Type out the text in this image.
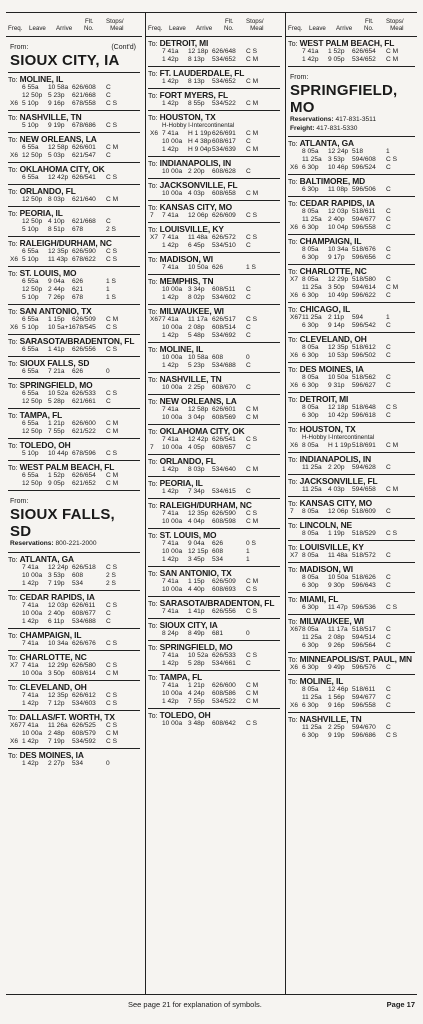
Freq. Leave Arrive
Flt.
No.
Stops/
Meal
From:	(Cont'd)
SIOUX CITY, IA
To: MOLINE, IL
6 55a 10 58a 626/608 C
12 50p 5 23p 621/668 C
X6 5 10p 9 16p 678/558 C S
To: NASHVILLE, TN
5 10p 9 19p 678/686 C S
To: NEW ORLEANS, LA
6 55a 12 58p 626/601 C M
X6 12 50p 5 03p 621/547 C
To: OKLAHOMA CITY, OK
6 55a 12 42p 626/541 C S
To: ORLANDO, FL
12 50p 8 03p 621/640 C M
To: PEORIA, IL
12 50p 4 10p 621/668 C
5 10p 8 51p 678	2 S
To: RALEIGH/DURHAM, NC
6 55a 12 35p 626/590 C S
X6 5 10p 11 43p 678/622 C S
To: ST. LOUIS, MO
6 55a 9 04a 626	1 S
12 50p 2 44p 621	1
5 10p 7 26p 678	1 S
To: SAN ANTONIO, TX
6 55a 1 15p 626/509 C M
X6 5 10p 10 5a+1 678/545 C S
To: SARASOTA/BRADENTON, FL
6 55a 1 41p 626/556 C S
To: SIOUX FALLS, SD
6 55a 7 21a 626	0
To: SPRINGFIELD, MO
6 55a 10 52a 626/533 C S
12 50p 5 28p 621/661 C
To: TAMPA, FL
6 55a 1 21p 626/600 C M
12 50p 7 55p 621/522 C M
To: TOLEDO, OH
5 10p 10 44p 678/596 C S
To: WEST PALM BEACH, FL
6 55a 1 52p 626/654 C M
12 50p 9 05p 621/652 C M
From:
SIOUX FALLS, SD
Reservations: 800-221-2000
To: ATLANTA, GA
7 41a 12 24p 626/518 C S
10 00a 3 53p 608	2 S
1 42p 7 19p 534	2 S
To: CEDAR RAPIDS, IA
7 41a 12 03p 626/611 C S
10 00a 2 40p 608/677 C
1 42p 6 11p 534/688 C
To: CHAMPAIGN, IL
7 41a 10 34a 626/676 C S
To: CHARLOTTE, NC
X7 7 41a 12 29p 626/580 C S
10 00a 3 50p 608/614 C M
To: CLEVELAND, OH
7 41a 12 35p 626/612 C S
1 42p 7 12p 534/603 C S
To: DALLAS/FT. WORTH, TX
X67 7 41a 11 26a 626/525 C S
10 00a 2 48p 608/579 C M
X6 1 42p 7 19p 534/592 C S
To: DES MOINES, IA
1 42p 2 27p 534	0
Freq. Leave Arrive
Flt.
No.
Stops/
Meal
To: DETROIT, MI
7 41a 12 18p 626/648 C S
1 42p 8 13p 534/652 C M
To: FT. LAUDERDALE, FL
1 42p 8 13p 534/652 C M
To: FORT MYERS, FL
1 42p 8 55p 534/522 C M
To: HOUSTON, TX
H-Hobby I-Intercontinental
X6 7 41a H 1 19p 626/691 C M
10 00a H 4 38p 608/617 C
1 42p H 9 04p 534/639 C M
To: INDIANAPOLIS, IN
10 00a 2 20p 608/628 C
To: JACKSONVILLE, FL
10 00a 4 03p 608/658 C M
To: KANSAS CITY, MO
7 7 41a 12 06p 626/609 C S
To: LOUISVILLE, KY
X7 7 41a 11 48a 626/572 C S
1 42p 6 45p 534/510 C
To: MADISON, WI
7 41a 10 50a 626	1 S
To: MEMPHIS, TN
10 00a 3 34p 608/511 C
1 42p 8 02p 534/602 C
To: MILWAUKEE, WI
X67 7 41a 11 17a 626/517 C S
10 00a 2 08p 608/514 C
1 42p 5 48p 534/692 C
To: MOLINE, IL
10 00a 10 58a 608	0
1 42p 5 23p 534/688 C
To: NASHVILLE, TN
10 00a 2 25p 608/670 C
To: NEW ORLEANS, LA
7 41a 12 58p 626/601 C M
10 00a 3 04p 608/569 C M
To: OKLAHOMA CITY, OK
7 41a 12 42p 626/541 C S
7 10 00a 4 05p 608/657 C
To: ORLANDO, FL
1 42p 8 03p 534/640 C M
To: PEORIA, IL
1 42p 7 34p 534/615 C
To: RALEIGH/DURHAM, NC
7 41a 12 35p 626/590 C S
10 00a 4 04p 608/598 C M
To: ST. LOUIS, MO
7 41a 9 04a 626	0 S
10 00a 12 15p 608	1
1 42p 3 45p 534	1
To: SAN ANTONIO, TX
7 41a 1 15p 626/509 C M
10 00a 4 40p 608/693 C S
To: SARASOTA/BRADENTON, FL
7 41a 1 41p 626/556 C S
To: SIOUX CITY, IA
8 24p 8 49p 681	0
To: SPRINGFIELD, MO
7 41a 10 52a 626/533 C S
1 42p 5 28p 534/661 C
To: TAMPA, FL
7 41a 1 21p 626/600 C M
10 00a 4 24p 608/586 C M
1 42p 7 55p 534/522 C M
To: TOLEDO, OH
10 00a 3 48p 608/642 C S
Freq. Leave Arrive
Flt.
No.
Stops/
Meal
To: WEST PALM BEACH, FL
7 41a 1 52p 626/654 C M
1 42p 9 05p 534/652 C M
From:
SPRINGFIELD, MO
Reservations: 417-831-3511
Freight: 417-831-5330
To: ATLANTA, GA
8 05a 12 24p 518	1
11 25a 3 53p 594/608 C S
X6 6 30p 10 46p 596/524 C
To: BALTIMORE, MD
6 30p 11 08p 596/506 C
To: CEDAR RAPIDS, IA
8 05a 12 03p 518/611 C
11 25a 2 40p 594/677 C
X6 6 30p 10 04p 596/558 C
To: CHAMPAIGN, IL
8 05a 10 34a 518/676 C
6 30p 9 17p 596/656 C
To: CHARLOTTE, NC
X7 8 05a 12 29p 518/580 C
11 25a 3 50p 594/614 C M
X6 6 30p 10 49p 596/622 C
To: CHICAGO, IL
X67 11 25a 2 11p 594	1
6 30p 9 14p 596/542 C
To: CLEVELAND, OH
8 05a 12 35p 518/612 C
X6 6 30p 10 53p 596/502 C
To: DES MOINES, IA
8 05a 10 50a 518/562 C
X6 6 30p 9 31p 596/627 C
To: DETROIT, MI
8 05a 12 18p 518/648 C S
6 30p 10 42p 596/618 C
To: HOUSTON, TX
H-Hobby I-Intercontinental
X6 8 05a H 1 19p 518/691 C M
To: INDIANAPOLIS, IN
11 25a 2 20p 594/628 C
To: JACKSONVILLE, FL
11 25a 4 03p 594/658 C M
To: KANSAS CITY, MO
7 8 05a 12 06p 518/609 C
To: LINCOLN, NE
8 05a 1 19p 518/529 C S
To: LOUISVILLE, KY
X7 8 05a 11 48a 518/572 C
To: MADISON, WI
8 05a 10 50a 518/626 C
6 30p 9 30p 596/643 C
To: MIAMI, FL
6 30p 11 47p 596/536 C S
To: MILWAUKEE, WI
X67 8 05a 11 17a 518/517 C
11 25a 2 08p 594/514 C
6 30p 9 26p 596/564 C
To: MINNEAPOLIS/ST. PAUL, MN
X6 6 30p 9 49p 596/576 C
To: MOLINE, IL
8 05a 12 46p 518/611 C
11 25a 1 56p 594/677 C
X6 6 30p 9 16p 596/558 C
To: NASHVILLE, TN
11 25a 2 25p 594/670 C
6 30p 9 19p 596/686 C S
See page 21 for explanation of symbols.	Page 17
